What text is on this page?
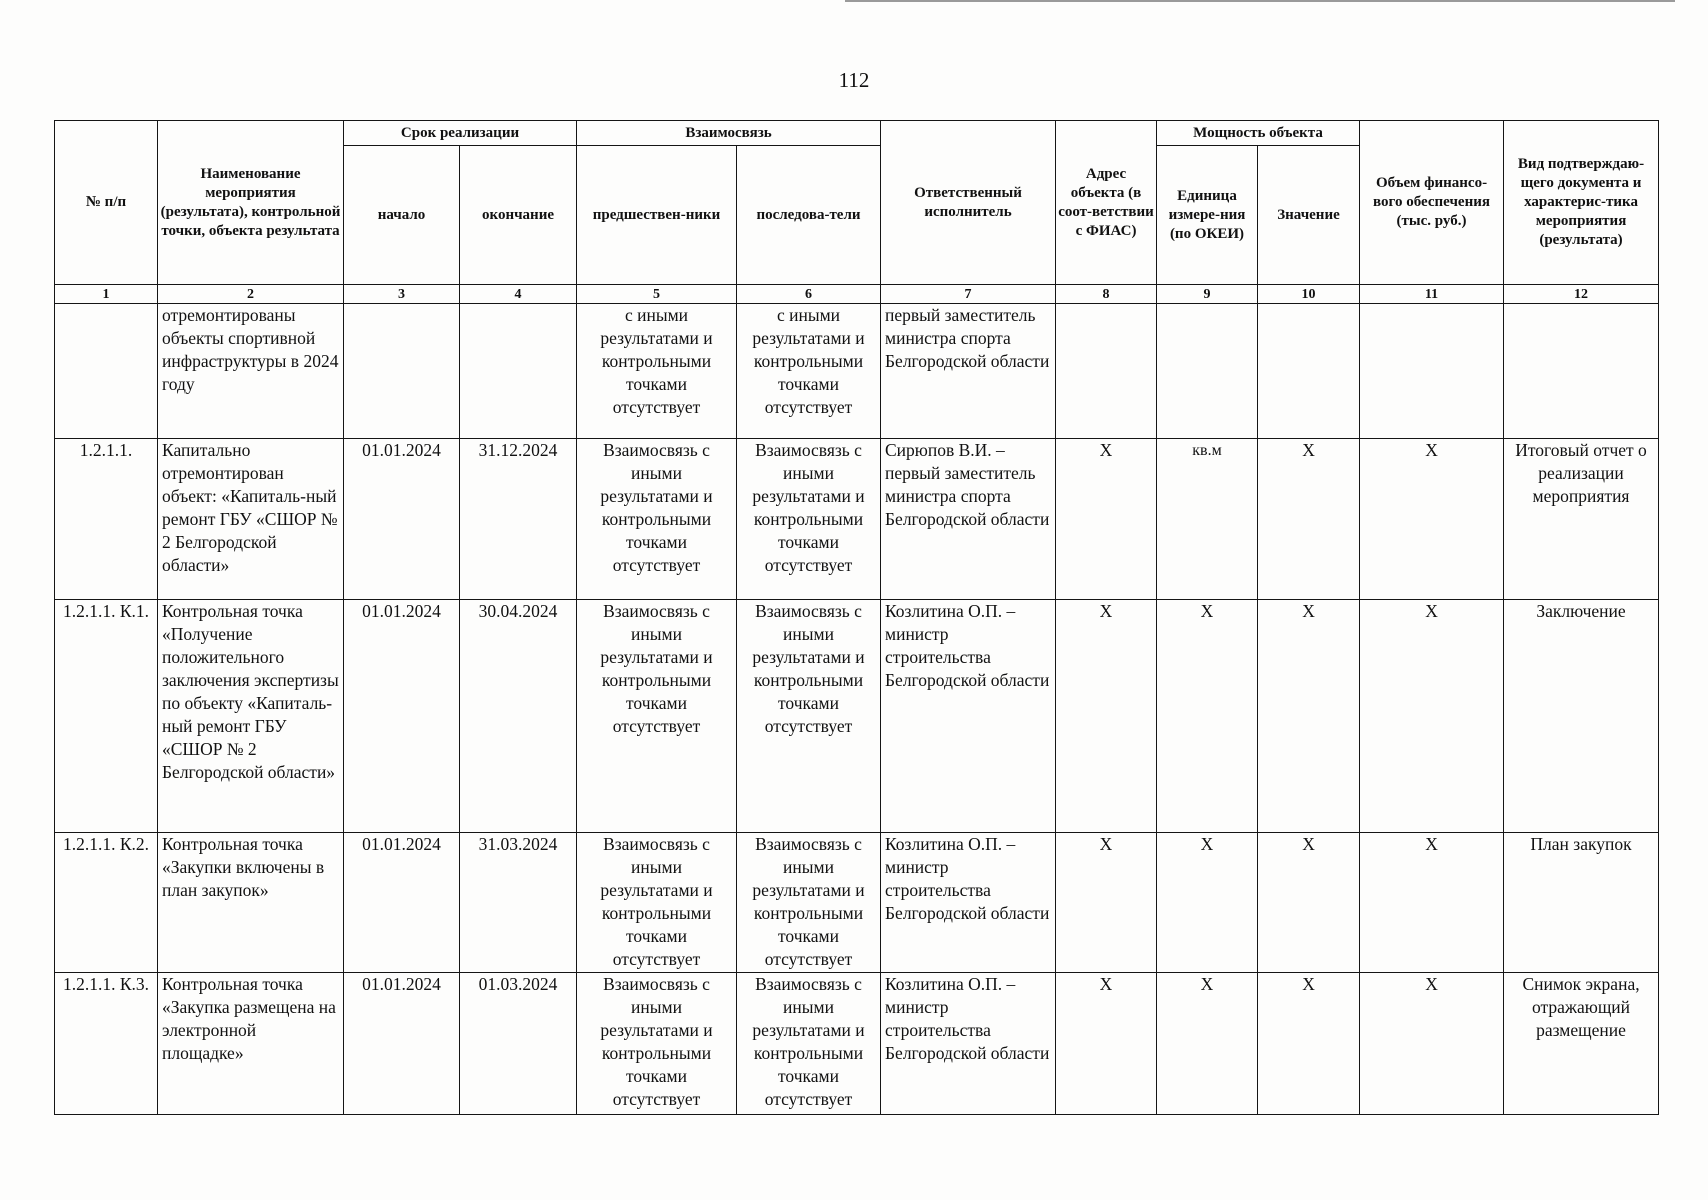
112
№ п/п	Наименование мероприятия (результата), контрольной точки, объекта результата	Срок реализации		Взаимосвязь		Ответственный исполнитель	Адрес объекта (в соот-ветствии с ФИАС)	Мощность объекта		Объем финансо-вого обеспечения (тыс. руб.)	Вид подтверждаю-щего документа и характерис-тика мероприятия (результата)
		начало	окончание	предшествен-ники	последова-тели			Единица измере-ния (по ОКЕИ)	Значение		
1	2	3	4	5	6	7	8	9	10	11	12
	отремонтированы объекты спортивной инфраструктуры в 2024 году			с иными результатами и контрольными точками отсутствует	с иными результатами и контрольными точками отсутствует	первый заместитель министра спорта Белгородской области					
1.2.1.1.	Капитально отремонтирован объект: «Капиталь-ный ремонт ГБУ «СШОР № 2 Белгородской области»	01.01.2024	31.12.2024	Взаимосвязь с иными результатами и контрольными точками отсутствует	Взаимосвязь с иными результатами и контрольными точками отсутствует	Сирюпов В.И. – первый заместитель министра спорта Белгородской области	X	кв.м	X	X	Итоговый отчет о реализации мероприятия
1.2.1.1. К.1.	Контрольная точка «Получение положительного заключения экспертизы по объекту «Капиталь-ный ремонт ГБУ «СШОР № 2 Белгородской области»	01.01.2024	30.04.2024	Взаимосвязь с иными результатами и контрольными точками отсутствует	Взаимосвязь с иными результатами и контрольными точками отсутствует	Козлитина О.П. – министр строительства Белгородской области	X	X	X	X	Заключение
1.2.1.1. К.2.	Контрольная точка «Закупки включены в план закупок»	01.01.2024	31.03.2024	Взаимосвязь с иными результатами и контрольными точками отсутствует	Взаимосвязь с иными результатами и контрольными точками отсутствует	Козлитина О.П. – министр строительства Белгородской области	X	X	X	X	План закупок
1.2.1.1. К.3.	Контрольная точка «Закупка размещена на электронной площадке»	01.01.2024	01.03.2024	Взаимосвязь с иными результатами и контрольными точками отсутствует	Взаимосвязь с иными результатами и контрольными точками отсутствует	Козлитина О.П. – министр строительства Белгородской области	X	X	X	X	Снимок экрана, отражающий размещение
